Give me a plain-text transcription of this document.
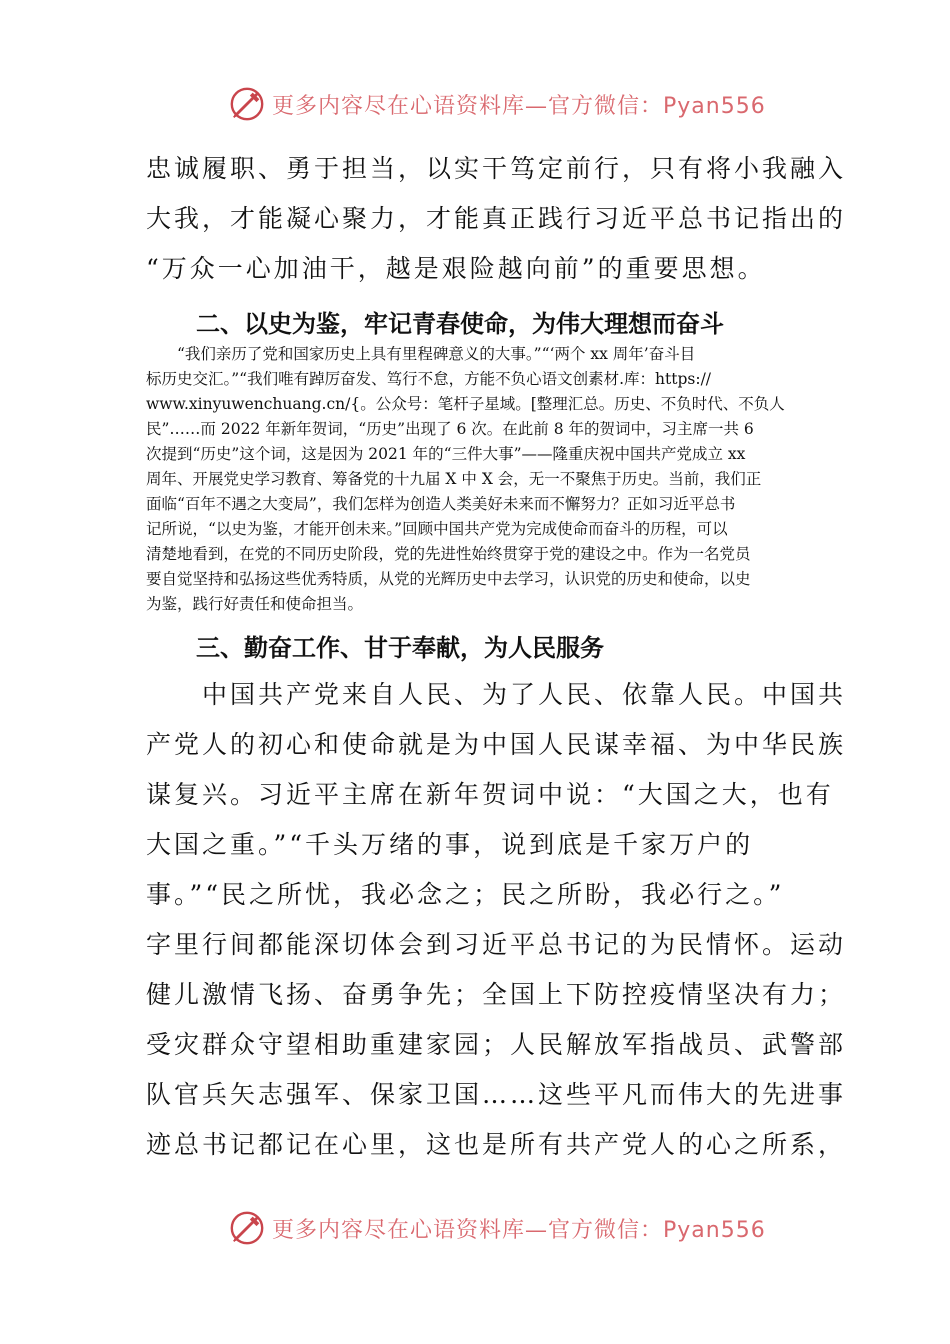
更多内容尽在心语资料库—官方微信：Pyan556
忠诚履职、勇于担当，以实干笃定前行，只有将小我融入
大我，才能凝心聚力，才能真正践行习近平总书记指出的
“万众一心加油干，越是艰险越向前”的重要思想。
二、以史为鉴，牢记青春使命，为伟大理想而奋斗
　　“我们亲历了党和国家历史上具有里程碑意义的大事。”“‘两个 xx 周年’奋斗目
标历史交汇。”“我们唯有踔厉奋发、笃行不怠，方能不负心语文创素材.库：https://
www.xinyuwenchuang.cn/{。公众号：笔杆子星域。[整理汇总。历史、不负时代、不负人
民”……而 2022 年新年贺词，“历史”出现了 6 次。在此前 8 年的贺词中，习主席一共 6
次提到“历史”这个词，这是因为 2021 年的“三件大事”——隆重庆祝中国共产党成立 xx
周年、开展党史学习教育、筹备党的十九届 X 中 X 会，无一不聚焦于历史。当前，我们正
面临“百年不遇之大变局”，我们怎样为创造人类美好未来而不懈努力？正如习近平总书
记所说，“以史为鉴，才能开创未来。”回顾中国共产党为完成使命而奋斗的历程，可以
清楚地看到，在党的不同历史阶段，党的先进性始终贯穿于党的建设之中。作为一名党员
要自觉坚持和弘扬这些优秀特质，从党的光辉历史中去学习，认识党的历史和使命，以史
为鉴，践行好责任和使命担当。
三、勤奋工作、甘于奉献，为人民服务
　　中国共产党来自人民、为了人民、依靠人民。中国共
产党人的初心和使命就是为中国人民谋幸福、为中华民族
谋复兴。习近平主席在新年贺词中说：“大国之大，也有
大国之重。”“千头万绪的事，说到底是千家万户的
事。”“民之所忧，我必念之；民之所盼，我必行之。”
字里行间都能深切体会到习近平总书记的为民情怀。运动
健儿激情飞扬、奋勇争先；全国上下防控疫情坚决有力；
受灾群众守望相助重建家园；人民解放军指战员、武警部
队官兵矢志强军、保家卫国……这些平凡而伟大的先进事
迹总书记都记在心里，这也是所有共产党人的心之所系，
更多内容尽在心语资料库—官方微信：Pyan556
